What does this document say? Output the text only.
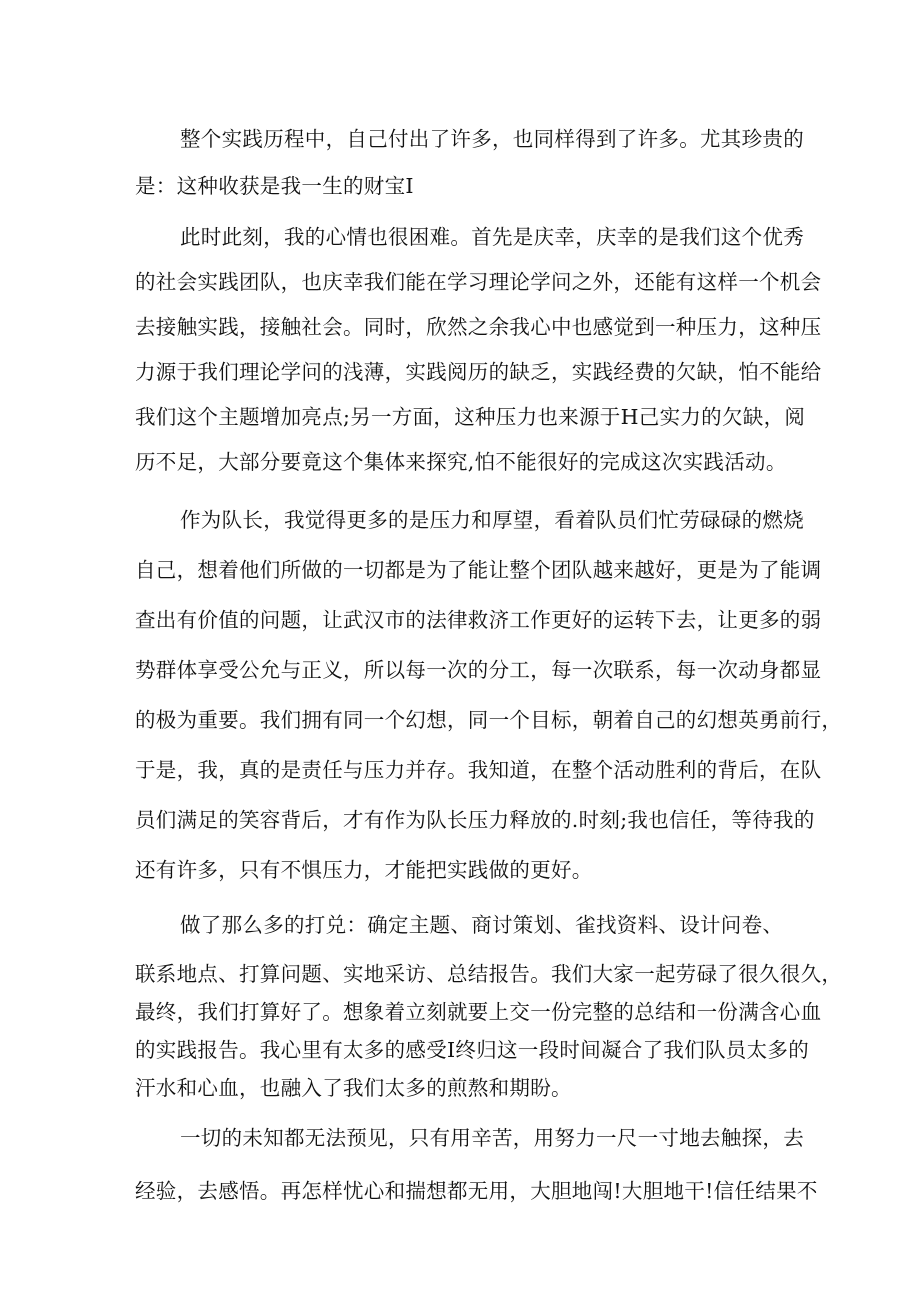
整个实践历程中，自己付出了许多，也同样得到了许多。尤其珍贵的
是：这种收获是我一生的财宝I
此时此刻，我的心情也很困难。首先是庆幸，庆幸的是我们这个优秀
的社会实践团队，也庆幸我们能在学习理论学问之外，还能有这样一个机会
去接触实践，接触社会。同时，欣然之余我心中也感觉到一种压力，这种压
力源于我们理论学问的浅薄，实践阅历的缺乏，实践经费的欠缺，怕不能给
我们这个主题增加亮点;另一方面，这种压力也来源于H己实力的欠缺，阅
历不足，大部分要竟这个集体来探究,怕不能很好的完成这次实践活动。
作为队长，我觉得更多的是压力和厚望，看着队员们忙劳碌碌的燃烧
自己，想着他们所做的一切都是为了能让整个团队越来越好，更是为了能调
查出有价值的问题，让武汉市的法律救济工作更好的运转下去，让更多的弱
势群体享受公允与正义，所以每一次的分工，每一次联系，每一次动身都显
的极为重要。我们拥有同一个幻想，同一个目标，朝着自己的幻想英勇前行，
于是，我，真的是责任与压力并存。我知道，在整个活动胜利的背后，在队
员们满足的笑容背后，才有作为队长压力释放的.时刻;我也信任，等待我的
还有许多，只有不惧压力，才能把实践做的更好。
做了那么多的打兑：确定主题、商讨策划、雀找资料、设计问卷、
联系地点、打算问题、实地采访、总结报告。我们大家一起劳碌了很久很久，
最终，我们打算好了。想象着立刻就要上交一份完整的总结和一份满含心血
的实践报告。我心里有太多的感受I终归这一段时间凝合了我们队员太多的
汗水和心血，也融入了我们太多的煎熬和期盼。
一切的未知都无法预见，只有用辛苦，用努力一尺一寸地去触探，去
经验，去感悟。再怎样忧心和揣想都无用，大胆地闯!大胆地干!信任结果不
